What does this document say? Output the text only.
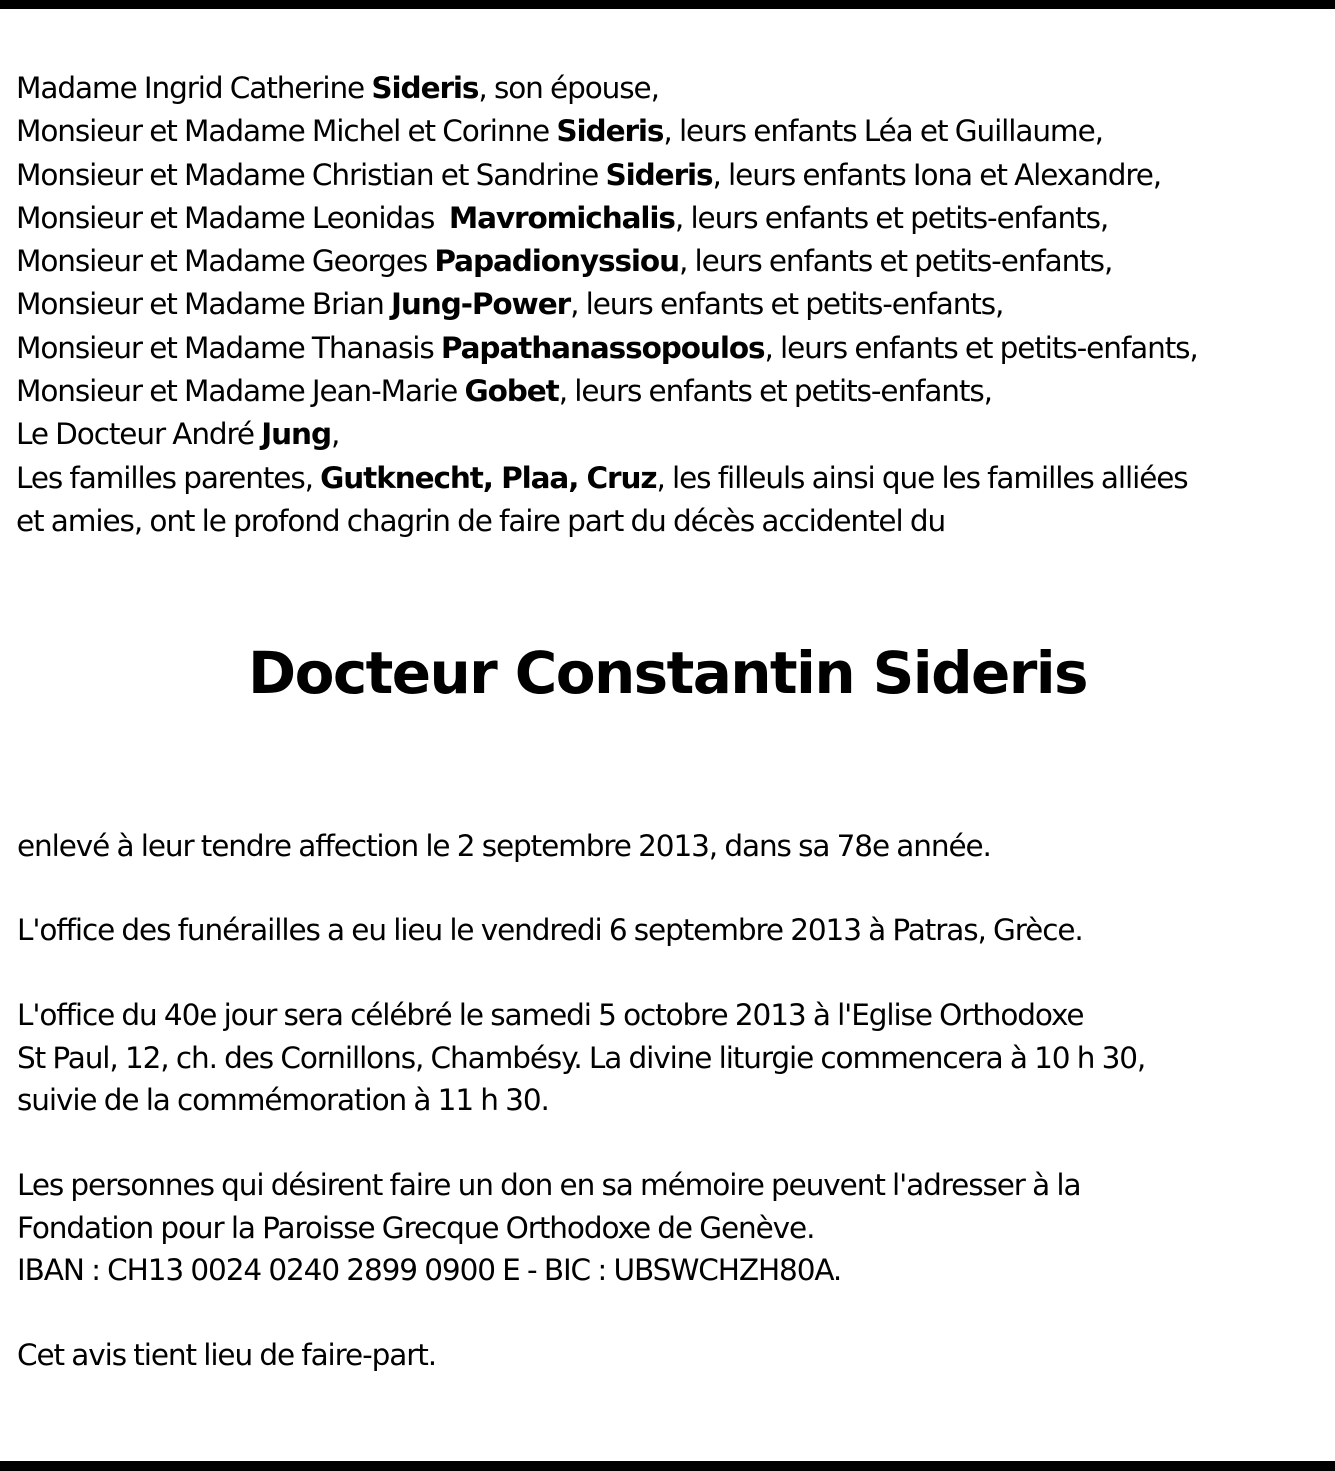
Madame Ingrid Catherine Sideris, son épouse,
Monsieur et Madame Michel et Corinne Sideris, leurs enfants Léa et Guillaume,
Monsieur et Madame Christian et Sandrine Sideris, leurs enfants Iona et Alexandre,
Monsieur et Madame Leonidas  Mavromichalis, leurs enfants et petits-enfants,
Monsieur et Madame Georges Papadionyssiou, leurs enfants et petits-enfants,
Monsieur et Madame Brian Jung-Power, leurs enfants et petits-enfants,
Monsieur et Madame Thanasis Papathanassopoulos, leurs enfants et petits-enfants,
Monsieur et Madame Jean-Marie Gobet, leurs enfants et petits-enfants,
Le Docteur André Jung,
Les familles parentes, Gutknecht, Plaa, Cruz, les filleuls ainsi que les familles alliées
et amies, ont le profond chagrin de faire part du décès accidentel du
Docteur Constantin Sideris
enlevé à leur tendre affection le 2 septembre 2013, dans sa 78e année.
L'office des funérailles a eu lieu le vendredi 6 septembre 2013 à Patras, Grèce.
L'office du 40e jour sera célébré le samedi 5 octobre 2013 à l'Eglise Orthodoxe
St Paul, 12, ch. des Cornillons, Chambésy. La divine liturgie commencera à 10 h 30,
suivie de la commémoration à 11 h 30.
Les personnes qui désirent faire un don en sa mémoire peuvent l'adresser à la
Fondation pour la Paroisse Grecque Orthodoxe de Genève.
IBAN : CH13 0024 0240 2899 0900 E - BIC : UBSWCHZH80A.
Cet avis tient lieu de faire-part.
